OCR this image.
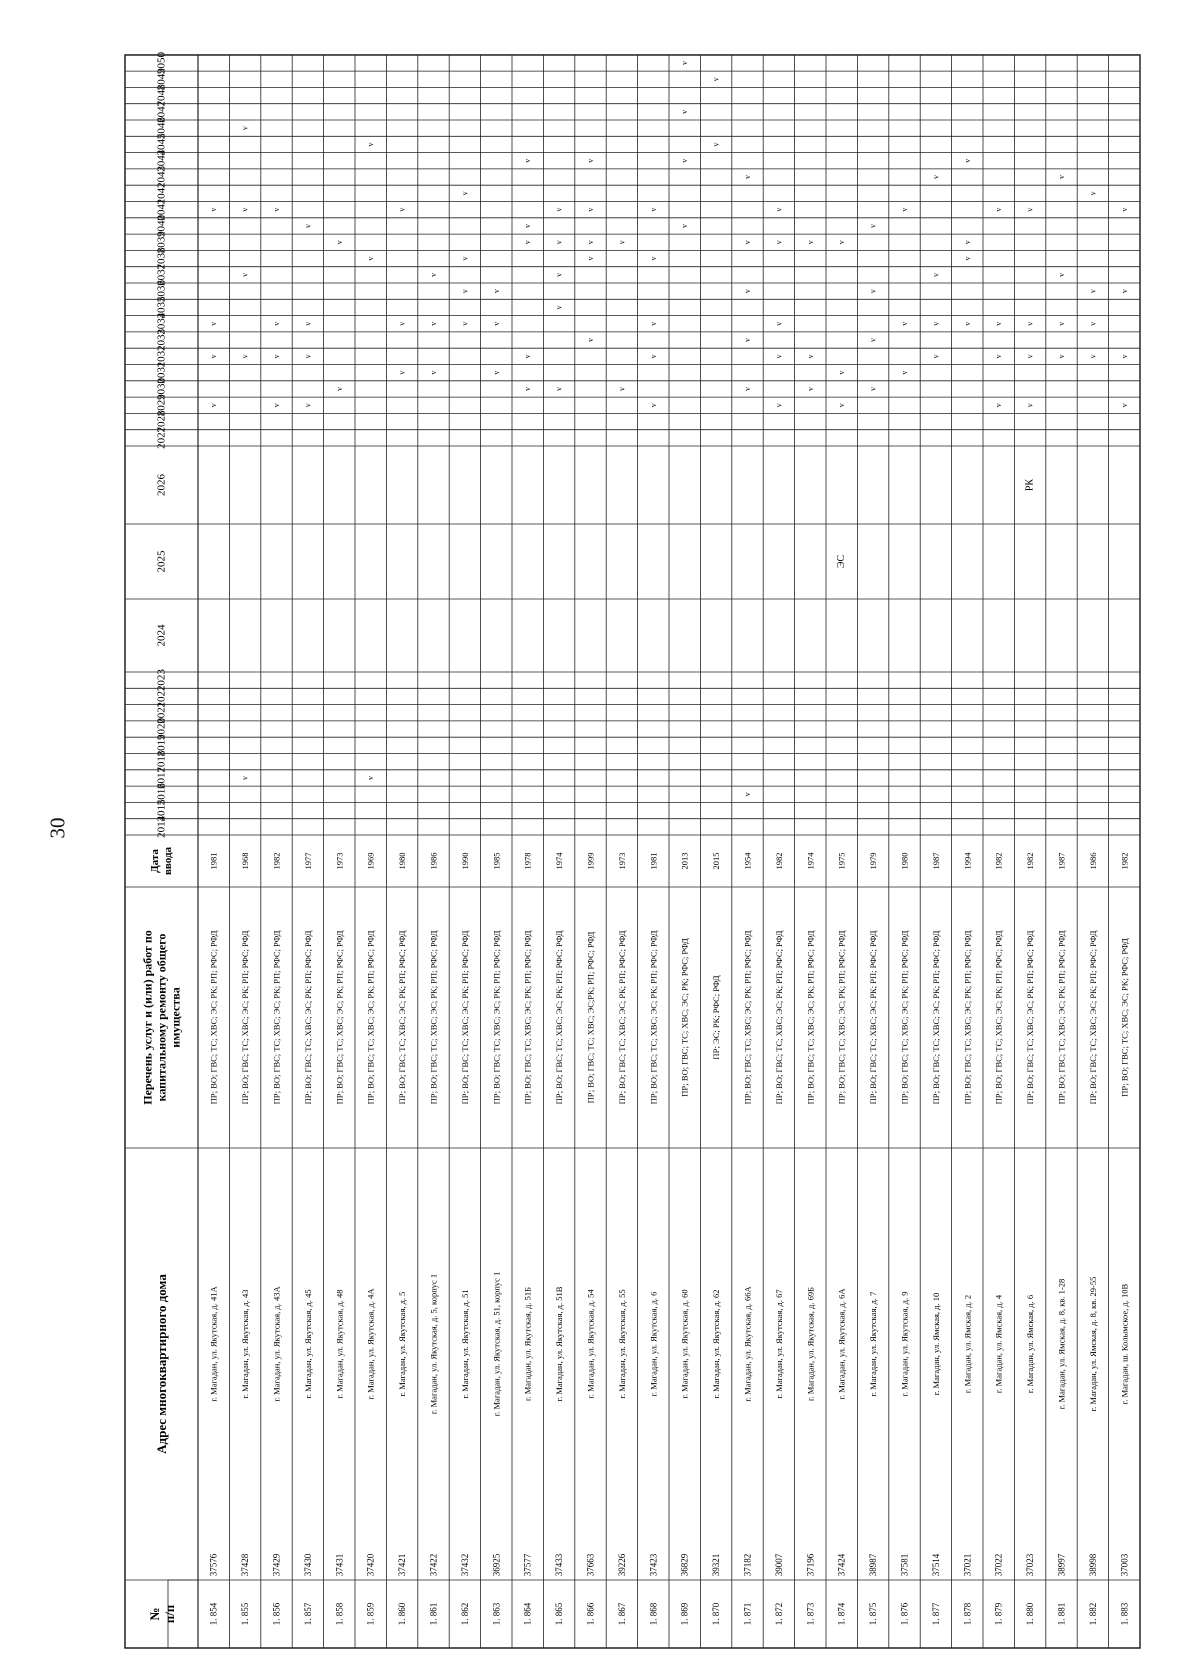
30
№п/п
Адрес многоквартирного дома
Перечень услуг и (или) работ покапитальному ремонту общегоимущества
Датаввода
2014
2015
2016
2017
2018
2019
2020
2021
2022
2023
2024
2025
2026
2027
2028
2029
2030
2031
2032
2033
2034
2035
2036
2037
2038
2039
2040
2041
2042
2043
2044
2045
2046
2047
2048
2049
2050
1. 854
37576
г. Магадан, ул. Якутская, д. 41А
ПР; ВО; ГВС; ТС; ХВС; ЭС; РК; РП; РФС; РФД
1981
v
v
v
v
1. 855
37428
г. Магадан, ул. Якутская, д. 43
ПР; ВО; ГВС; ТС; ХВС; ЭС; РК; РП; РФС; РФД
1968
v
v
v
v
v
1. 856
37429
г. Магадан, ул. Якутская, д. 43А
ПР; ВО; ГВС; ТС; ХВС; ЭС; РК; РП; РФС; РФД
1982
v
v
v
v
1. 857
37430
г. Магадан, ул. Якутская, д. 45
ПР; ВО; ГВС; ТС; ХВС; ЭС; РК; РП; РФС; РФД
1977
v
v
v
v
1. 858
37431
г. Магадан, ул. Якутская, д. 48
ПР; ВО; ГВС; ТС; ХВС; ЭС; РК; РП; РФС; РФД
1973
v
v
1. 859
37420
г. Магадан, ул. Якутская, д. 4А
ПР; ВО; ГВС; ТС; ХВС; ЭС; РК; РП; РФС; РФД
1969
v
v
v
1. 860
37421
г. Магадан, ул. Якутская, д. 5
ПР; ВО; ГВС; ТС; ХВС; ЭС; РК; РП; РФС; РФД
1980
v
v
v
1. 861
37422
г. Магадан, ул. Якутская, д. 5, корпус 1
ПР; ВО; ГВС; ТС; ХВС; ЭС; РК; РП; РФС; РФД
1986
v
v
v
1. 862
37432
г. Магадан, ул. Якутская, д. 51
ПР; ВО; ГВС; ТС; ХВС; ЭС; РК; РП; РФС; РФД
1990
v
v
v
v
1. 863
36925
г. Магадан, ул. Якутская, д. 51, корпус 1
ПР; ВО; ГВС; ТС; ХВС; ЭС; РК; РП; РФС; РФД
1985
v
v
v
1. 864
37577
г. Магадан, ул. Якутская, д. 51Б
ПР; ВО; ГВС; ТС; ХВС; ЭС; РК; РП; РФС; РФД
1978
v
v
v
v
v
1. 865
37433
г. Магадан, ул. Якутская, д. 51В
ПР; ВО; ГВС; ТС; ХВС; ЭС; РК; РП; РФС; РФД
1974
v
v
v
v
v
1. 866
37663
г. Магадан, ул. Якутская, д. 54
ПР; ВО; ГВС; ТС; ХВС; ЭС;РК; РП; РФС; РФД
1999
v
v
v
v
v
1. 867
39226
г. Магадан, ул. Якутская, д. 55
ПР; ВО; ГВС; ТС; ХВС; ЭС; РК; РП; РФС; РФД
1973
v
v
1. 868
37423
г. Магадан, ул. Якутская, д. 6
ПР; ВО; ГВС; ТС; ХВС; ЭС; РК; РП; РФС; РФД
1981
v
v
v
v
v
1. 869
36829
г. Магадан, ул. Якутская, д. 60
ПР; ВО; ГВС; ТС; ХВС; ЭС; РК; РФС; РФД
2013
v
v
v
v
1. 870
39321
г. Магадан, ул. Якутская, д. 62
ПР; ЭС; РК; РФС; РФД
2015
v
v
1. 871
37182
г. Магадан, ул. Якутская, д. 66А
ПР; ВО; ГВС; ТС; ХВС; ЭС; РК; РП; РФС; РФД
1954
v
v
v
v
v
v
1. 872
39007
г. Магадан, ул. Якутская, д. 67
ПР; ВО; ГВС; ТС; ХВС; ЭС; РК; РП; РФС; РФД
1982
v
v
v
v
v
1. 873
37196
г. Магадан, ул. Якутская, д. 69Б
ПР; ВО; ГВС; ТС; ХВС; ЭС; РК; РП; РФС; РФД
1974
v
v
v
1. 874
37424
г. Магадан, ул. Якутская, д. 6А
ПР; ВО; ГВС; ТС; ХВС; ЭС; РК; РП; РФС; РФД
1975
ЭС
v
v
v
1. 875
38987
г. Магадан, ул. Якутская, д. 7
ПР; ВО; ГВС; ТС; ХВС; ЭС; РК; РП; РФС; РФД
1979
v
v
v
v
1. 876
37581
г. Магадан, ул. Якутская, д. 9
ПР; ВО; ГВС; ТС; ХВС; ЭС; РК; РП; РФС; РФД
1980
v
v
v
1. 877
37514
г. Магадан, ул. Ямская, д. 10
ПР; ВО; ГВС; ТС; ХВС; ЭС; РК; РП; РФС; РФД
1987
v
v
v
v
1. 878
37021
г. Магадан, ул. Ямская, д. 2
ПР; ВО; ГВС; ТС; ХВС; ЭС; РК; РП; РФС; РФД
1994
v
v
v
v
1. 879
37022
г. Магадан, ул. Ямская, д. 4
ПР; ВО; ГВС; ТС; ХВС; ЭС; РК; РП; РФС; РФД
1982
v
v
v
v
1. 880
37023
г. Магадан, ул. Ямская, д. 6
ПР; ВО; ГВС; ТС; ХВС; ЭС; РК; РП; РФС; РФД
1982
РК
v
v
v
v
1. 881
38997
г. Магадан, ул. Ямская, д. 8, кв. 1-28
ПР; ВО; ГВС; ТС; ХВС; ЭС; РК; РП; РФС; РФД
1987
v
v
v
v
1. 882
38998
г. Магадан, ул. Ямская, д. 8, кв. 29-55
ПР; ВО; ГВС; ТС; ХВС; ЭС; РК; РП; РФС; РФД
1986
v
v
v
v
1. 883
37003
г. Магадан, ш. Колымское, д. 10В
ПР; ВО; ГВС; ТС; ХВС; ЭС; РК; РФС; РФД
1982
v
v
v
v
